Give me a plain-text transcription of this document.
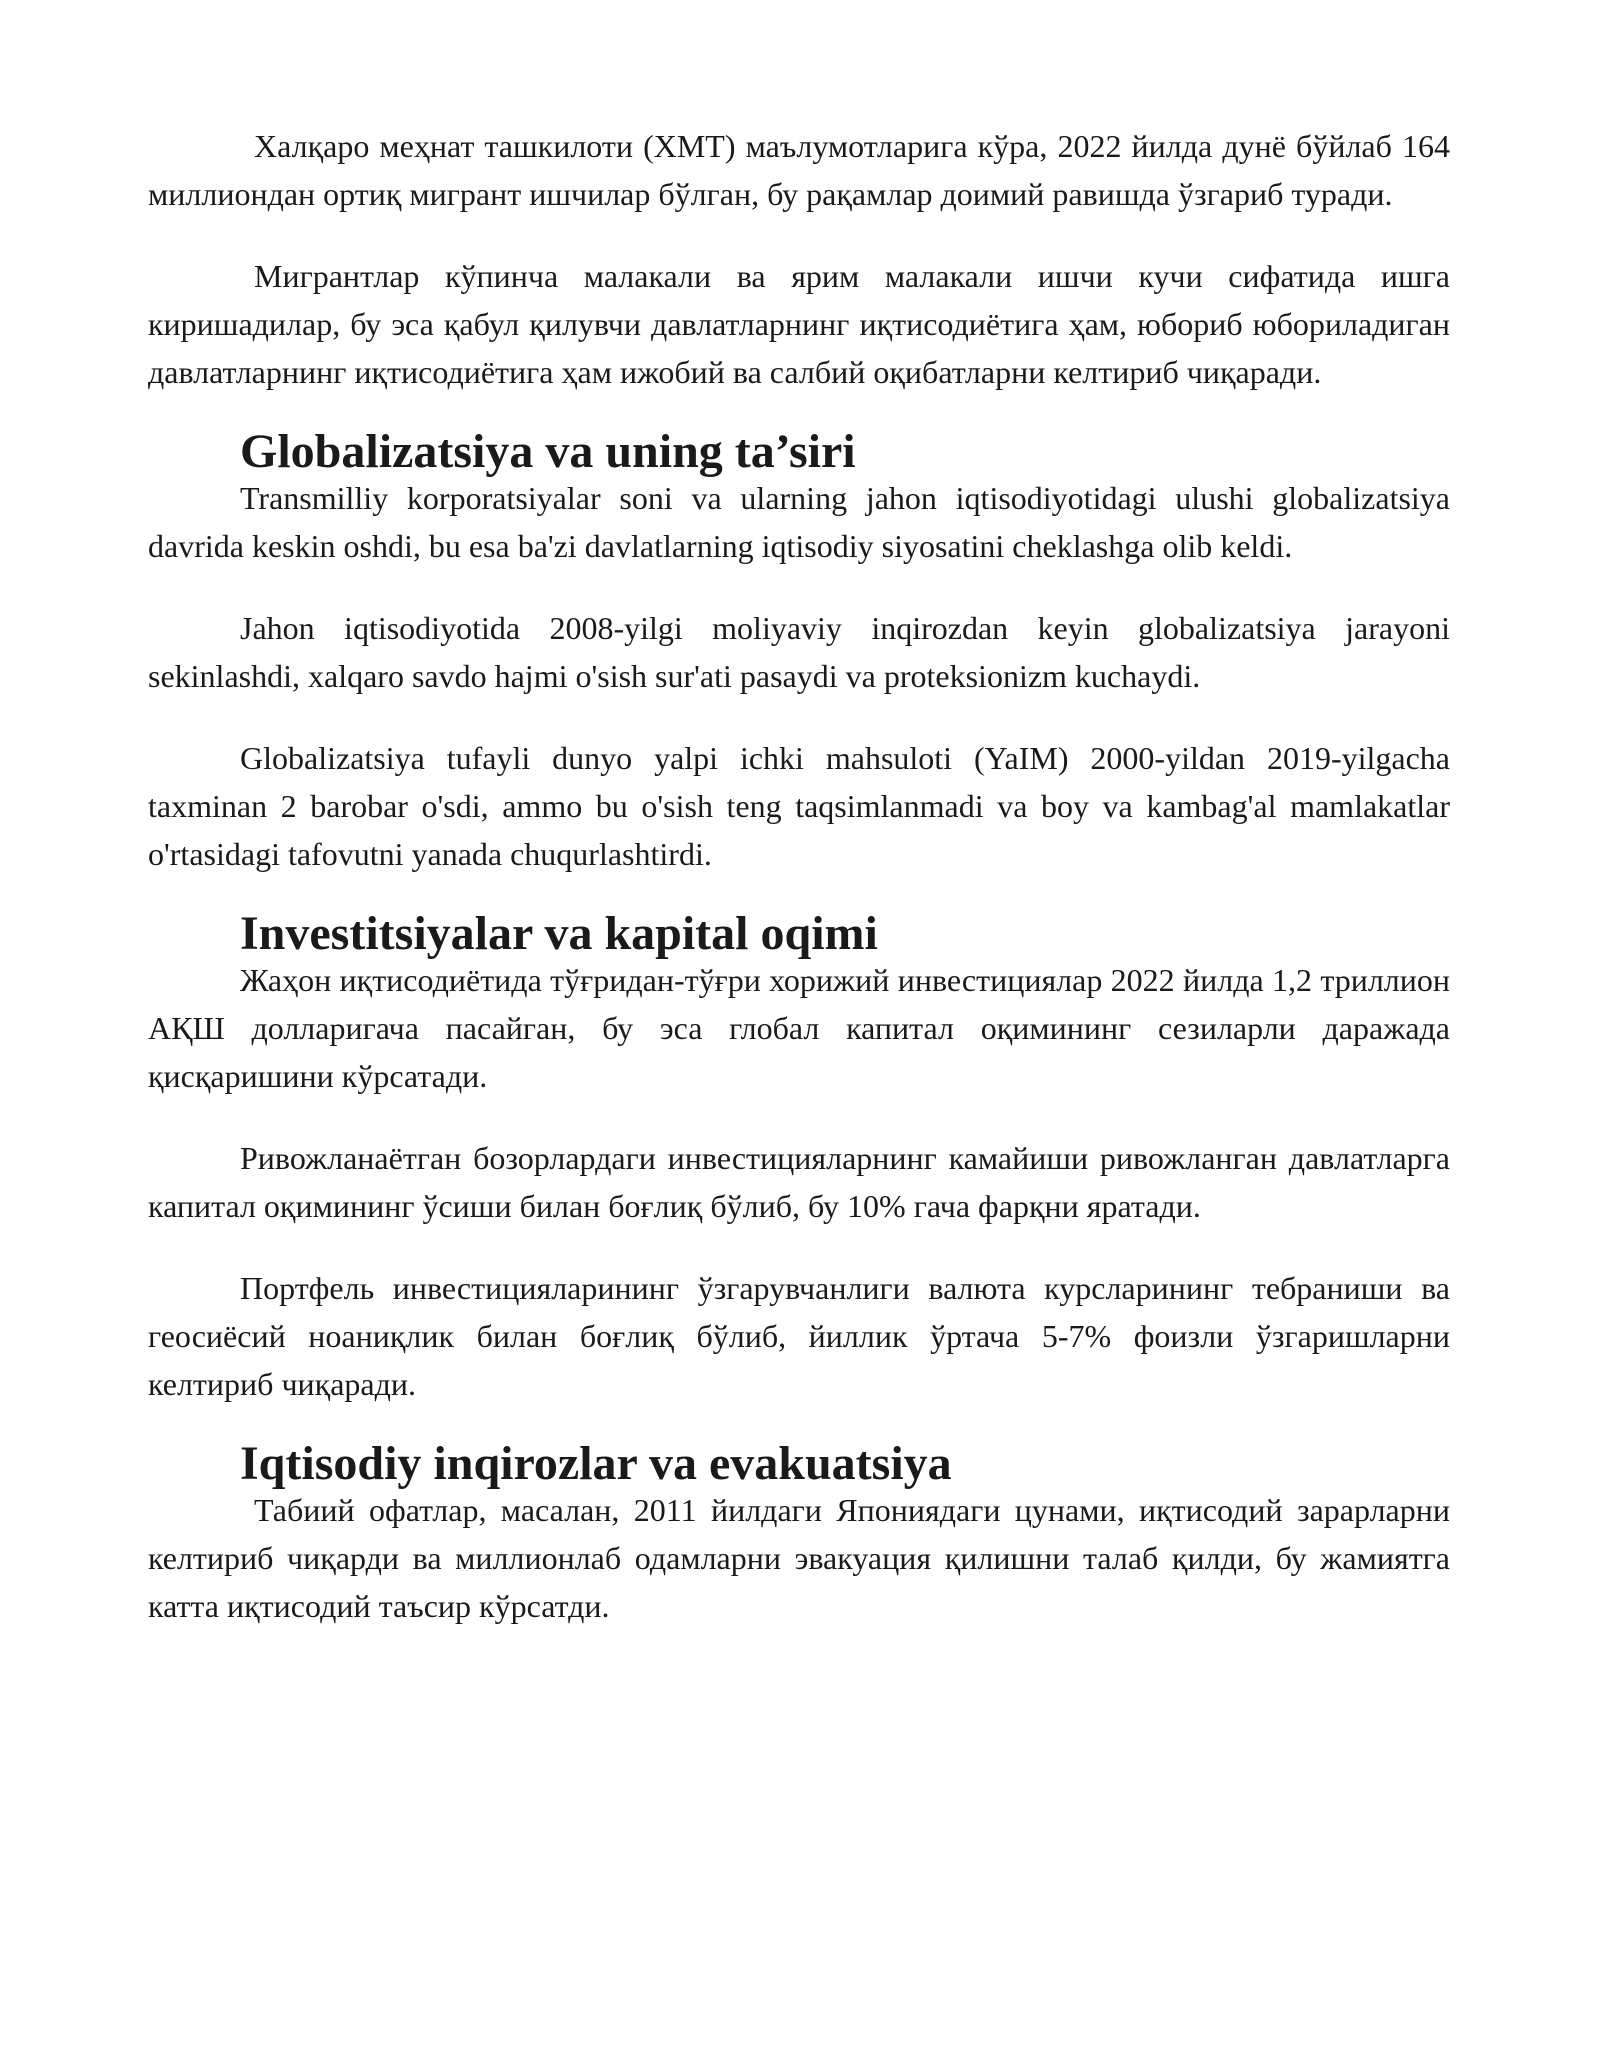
Халқаро меҳнат ташкилоти (ХМТ) маълумотларига кўра, 2022 йилда дунё бўйлаб 164 миллиондан ортиқ мигрант ишчилар бўлган, бу рақамлар доимий равишда ўзгариб туради.

Мигрантлар кўпинча малакали ва ярим малакали ишчи кучи сифатида ишга киришадилар, бу эса қабул қилувчи давлатларнинг иқтисодиётига ҳам, юбориб юбориладиган давлатларнинг иқтисодиётига ҳам ижобий ва салбий оқибатларни келтириб чиқаради.

Globalizatsiya va uning ta’siri

Transmilliy korporatsiyalar soni va ularning jahon iqtisodiyotidagi ulushi globalizatsiya davrida keskin oshdi, bu esa ba'zi davlatlarning iqtisodiy siyosatini cheklashga olib keldi.

Jahon iqtisodiyotida 2008-yilgi moliyaviy inqirozdan keyin globalizatsiya jarayoni sekinlashdi, xalqaro savdo hajmi o'sish sur'ati pasaydi va proteksionizm kuchaydi.

Globalizatsiya tufayli dunyo yalpi ichki mahsuloti (YaIM) 2000-yildan 2019-yilgacha taxminan 2 barobar o'sdi, ammo bu o'sish teng taqsimlanmadi va boy va kambag'al mamlakatlar o'rtasidagi tafovutni yanada chuqurlashtirdi.

Investitsiyalar va kapital oqimi

Жаҳон иқтисодиётида тўғридан-тўғри хорижий инвестициялар 2022 йилда 1,2 триллион АҚШ долларигача пасайган, бу эса глобал капитал оқимининг сезиларли даражада қисқаришини кўрсатади.

Ривожланаётган бозорлардаги инвестицияларнинг камайиши ривожланган давлатларга капитал оқимининг ўсиши билан боғлиқ бўлиб, бу 10% гача фарқни яратади.

Портфель инвестицияларининг ўзгарувчанлиги валюта курсларининг тебраниши ва геосиёсий ноаниқлик билан боғлиқ бўлиб, йиллик ўртача 5-7% фоизли ўзгаришларни келтириб чиқаради.

Iqtisodiy inqirozlar va evakuatsiya

Табиий офатлар, масалан, 2011 йилдаги Япониядаги цунами, иқтисодий зарарларни келтириб чиқарди ва миллионлаб одамларни эвакуация қилишни талаб қилди, бу жамиятга катта иқтисодий таъсир кўрсатди.
